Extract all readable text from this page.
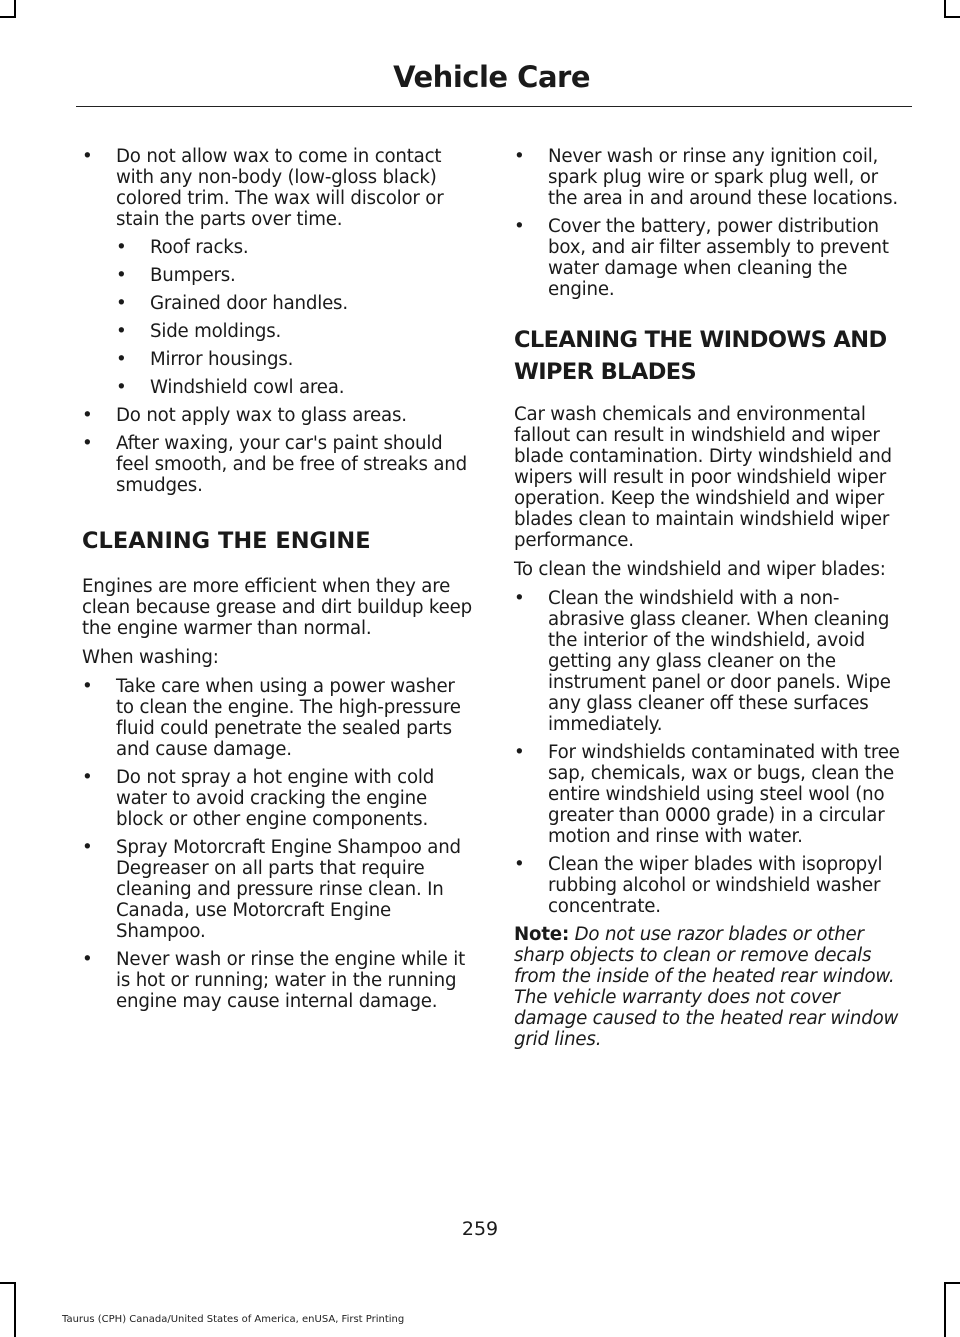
Vehicle Care
• Do not allow wax to come in contact with any non-body (low-gloss black) colored trim. The wax will discolor or stain the parts over time.
• Roof racks.
• Bumpers.
• Grained door handles.
• Side moldings.
• Mirror housings.
• Windshield cowl area.
• Do not apply wax to glass areas.
• After waxing, your car's paint should feel smooth, and be free of streaks and smudges.
CLEANING THE ENGINE

Engines are more efficient when they are clean because grease and dirt buildup keep the engine warmer than normal.

When washing:

• Take care when using a power washer to clean the engine. The high-pressure fluid could penetrate the sealed parts and cause damage.
• Do not spray a hot engine with cold water to avoid cracking the engine block or other engine components.
• Spray Motorcraft Engine Shampoo and Degreaser on all parts that require cleaning and pressure rinse clean. In Canada, use Motorcraft Engine Shampoo.
• Never wash or rinse the engine while it is hot or running; water in the running engine may cause internal damage.
• Never wash or rinse any ignition coil, spark plug wire or spark plug well, or the area in and around these locations.
• Cover the battery, power distribution box, and air filter assembly to prevent water damage when cleaning the engine.
CLEANING THE WINDOWS AND
WIPER BLADES

Car wash chemicals and environmental fallout can result in windshield and wiper blade contamination. Dirty windshield and wipers will result in poor windshield wiper operation. Keep the windshield and wiper blades clean to maintain windshield wiper performance.

To clean the windshield and wiper blades:

• Clean the windshield with a non-abrasive glass cleaner. When cleaning the interior of the windshield, avoid getting any glass cleaner on the instrument panel or door panels. Wipe any glass cleaner off these surfaces immediately.
• For windshields contaminated with tree sap, chemicals, wax or bugs, clean the entire windshield using steel wool (no greater than 0000 grade) in a circular motion and rinse with water.
• Clean the wiper blades with isopropyl rubbing alcohol or windshield washer concentrate.

Note: Do not use razor blades or other sharp objects to clean or remove decals from the inside of the heated rear window. The vehicle warranty does not cover damage caused to the heated rear window grid lines.

259
Taurus (CPH) Canada/United States of America, enUSA, First Printing
